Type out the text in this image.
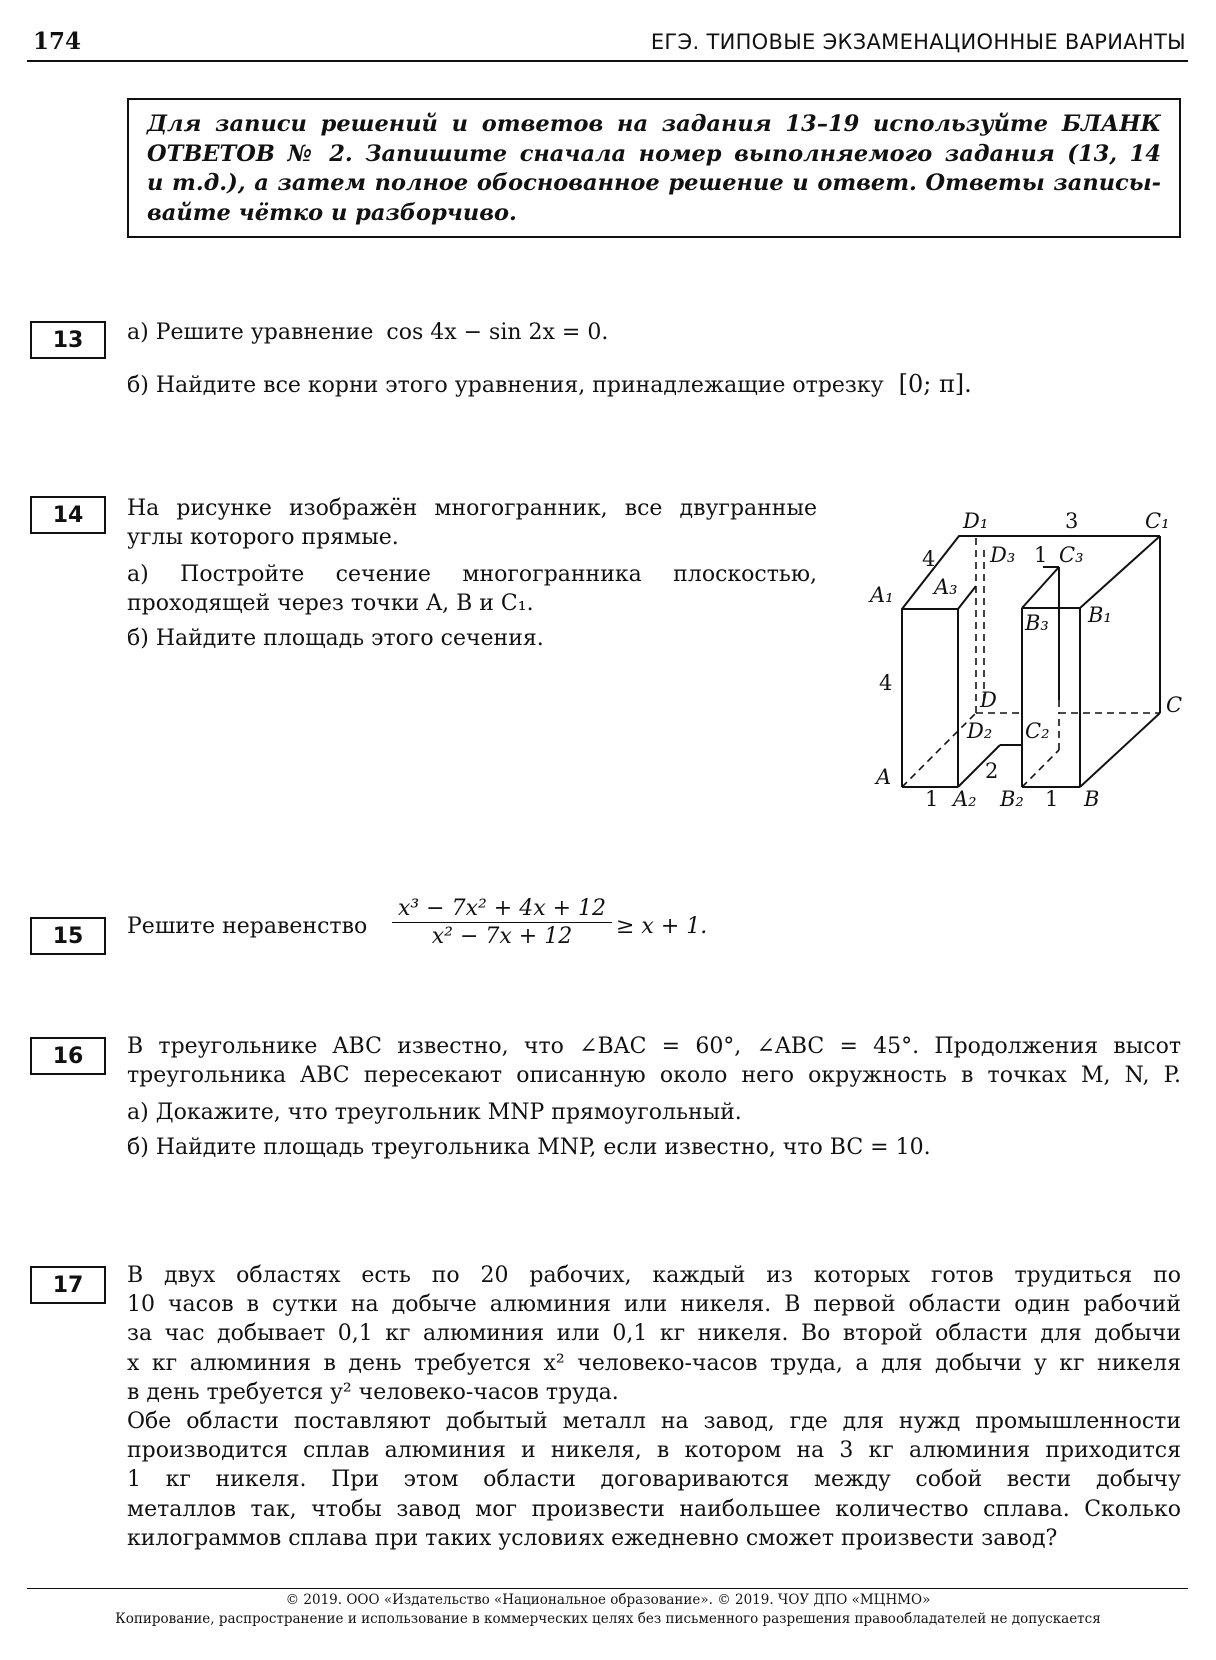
174	ЕГЭ. ТИПОВЫЕ ЭКЗАМЕНАЦИОННЫЕ ВАРИАНТЫ
Для записи решений и ответов на задания 13–19 используйте БЛАНК
ОТВЕТОВ № 2. Запишите сначала номер выполняемого задания (13, 14
и т.д.), а затем полное обоснованное решение и ответ. Ответы записы-
вайте чётко и разборчиво.
13	а) Решите уравнение cos 4x − sin 2x = 0.
б) Найдите все корни этого уравнения, принадлежащие отрезку [0; π].
14	На рисунке изображён многогранник, все двугранные
углы которого прямые.
а) Постройте сечение многогранника плоскостью,
проходящей через точки A, B и C₁.
б) Найдите площадь этого сечения.
D₁	3	C₁
4	D₃ 1 C₃
A₁ A₃
B₃ B₁
4
D	C
D₂ C₂
2
A
1 A₂ B₂ 1 B
15	Решите неравенство $\frac{\text{x³ − 7x² + 4x + 12}}{\text{x² − 7x + 12}} \ge x + 1$.
16	В треугольнике ABC известно, что ∠BAC = 60°, ∠ABC = 45°. Продолжения высот
треугольника ABC пересекают описанную около него окружность в точках M, N, P.
а) Докажите, что треугольник MNP прямоугольный.
б) Найдите площадь треугольника MNP, если известно, что BC = 10.
17	В двух областях есть по 20 рабочих, каждый из которых готов трудиться по
10 часов в сутки на добыче алюминия или никеля. В первой области один рабочий
за час добывает 0,1 кг алюминия или 0,1 кг никеля. Во второй области для добычи
x кг алюминия в день требуется x² человеко-часов труда, а для добычи y кг никеля
в день требуется y² человеко-часов труда.
Обе области поставляют добытый металл на завод, где для нужд промышленности
производится сплав алюминия и никеля, в котором на 3 кг алюминия приходится
1 кг никеля. При этом области договариваются между собой вести добычу
металлов так, чтобы завод мог произвести наибольшее количество сплава. Сколько
килограммов сплава при таких условиях ежедневно сможет произвести завод?
© 2019. ООО «Издательство «Национальное образование». © 2019. ЧОУ ДПО «МЦНМО»
Копирование, распространение и использование в коммерческих целях без письменного разрешения правообладателей не допускается
